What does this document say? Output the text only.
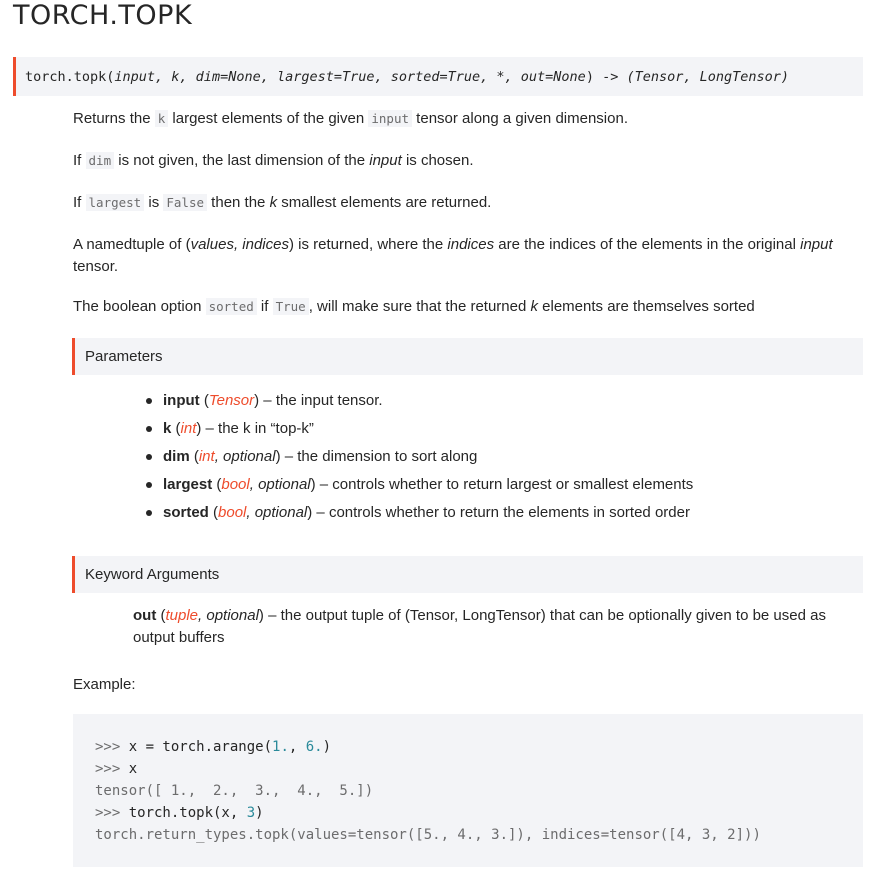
TORCH.TOPK
torch.topk(input, k, dim=None, largest=True, sorted=True, *, out=None) -> (Tensor, LongTensor)

Returns the k largest elements of the given input tensor along a given dimension.

If dim is not given, the last dimension of the input is chosen.

If largest is False then the k smallest elements are returned.

A namedtuple of (values, indices) is returned, where the indices are the indices of the elements in the original input tensor.

The boolean option sorted if True , will make sure that the returned k elements are themselves sorted

Parameters
input (Tensor) – the input tensor.
k (int) – the k in “top-k”
dim (int, optional) – the dimension to sort along
largest (bool, optional) – controls whether to return largest or smallest elements
sorted (bool, optional) – controls whether to return the elements in sorted order
Keyword Arguments

out (tuple, optional) – the output tuple of (Tensor, LongTensor) that can be optionally given to be used as output buffers

Example:

>>> x = torch.arange(1., 6.)
>>> x
tensor([ 1.,  2.,  3.,  4.,  5.])
>>> torch.topk(x, 3)
torch.return_types.topk(values=tensor([5., 4., 3.]), indices=tensor([4, 3, 2]))
